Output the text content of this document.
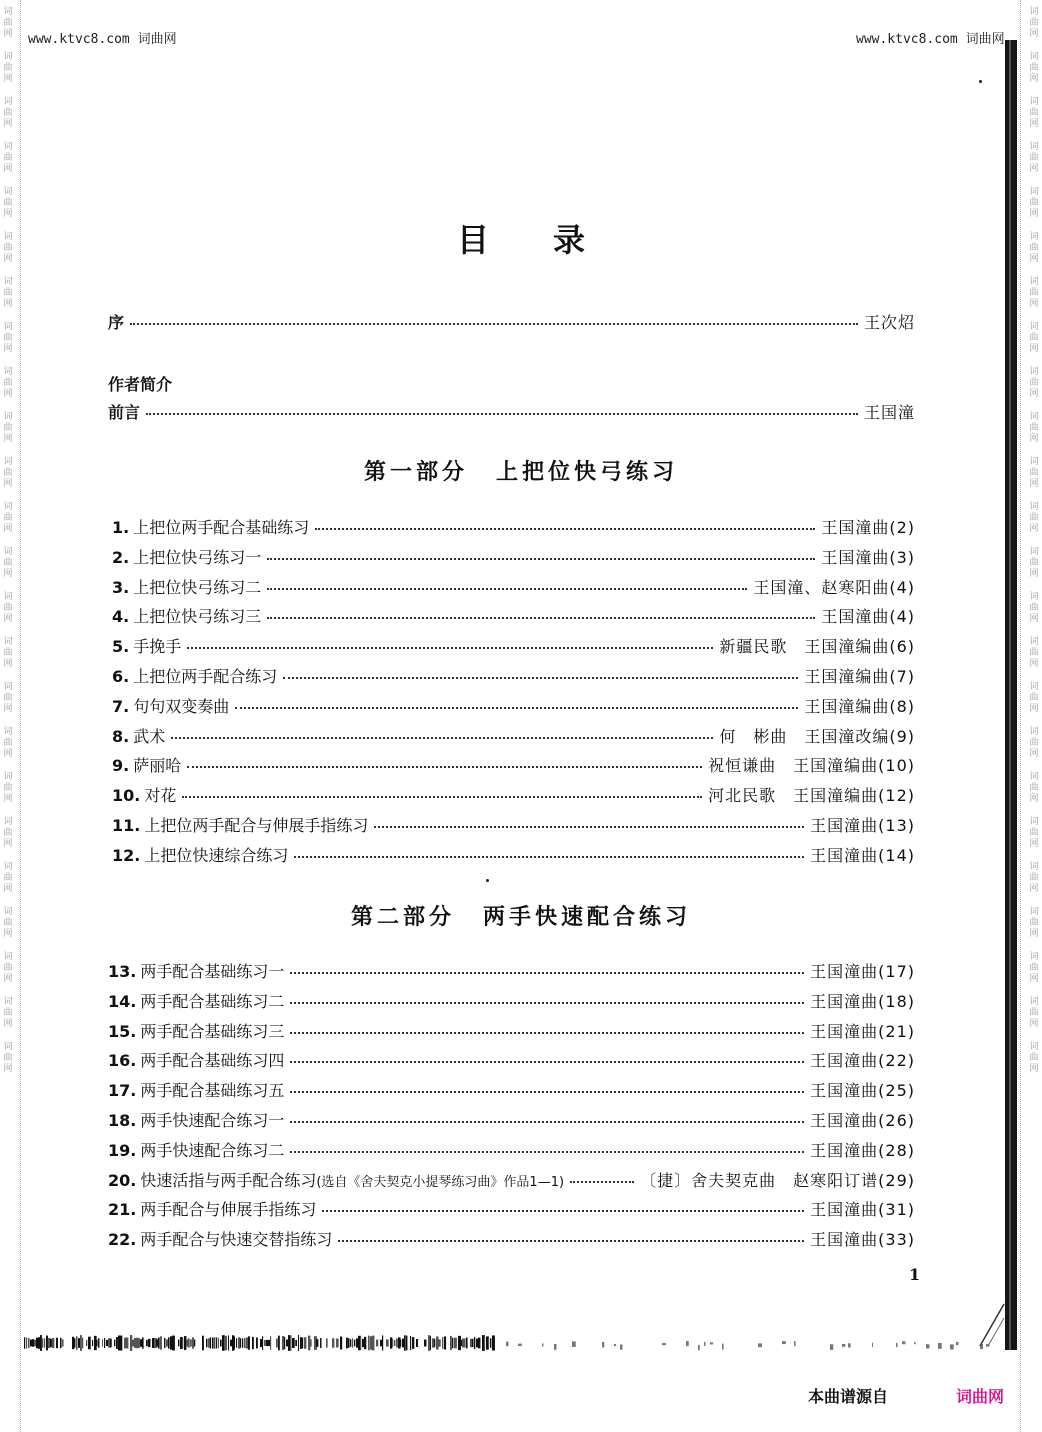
www.ktvc8.com 词曲网	www.ktvc8.com 词曲网
词
曲
网
词
曲
网
词
曲
网
词
曲
网
词
曲
网
词
曲
网
词
曲
网
词
曲
网
词
曲
网
词
曲
网
词
曲
网
词
曲
网
词
曲
网
词
曲
网
词
曲
网
词
曲
网
词
曲
网
词
曲
网
词
曲
网
词
曲
网
词
曲
网
词
曲
网
词
曲
网
词
曲
网
词
曲
网
词
曲
网
词
曲
网
词
曲
网
词
曲
网
词
曲
网
词
曲
网
词
曲
网
词
曲
网
词
曲
网
词
曲
网
词
曲
网
词
曲
网
词
曲
网
词
曲
网
词
曲
网
词
曲
网
词
曲
网
词
曲
网
词
曲
网
词
曲
网
词
曲
网
词
曲
网
词
曲
网
目录
序	王次炤
作者简介
前言	王国潼
第一部分 上把位快弓练习
1. 上把位两手配合基础练习	王国潼曲 (2)
2. 上把位快弓练习一	王国潼曲 (3)
3. 上把位快弓练习二	王国潼、赵寒阳曲 (4)
4. 上把位快弓练习三	王国潼曲 (4)
5. 手挽手	新疆民歌　王国潼编曲 (6)
6. 上把位两手配合练习	王国潼编曲 (7)
7. 句句双变奏曲	王国潼编曲 (8)
8. 武术	何　彬曲　王国潼改编 (9)
9. 萨丽哈	祝恒谦曲　王国潼编曲 (10)
10. 对花	河北民歌　王国潼编曲 (12)
11. 上把位两手配合与伸展手指练习	王国潼曲 (13)
12. 上把位快速综合练习	王国潼曲 (14)
第二部分 两手快速配合练习
13. 两手配合基础练习一	王国潼曲 (17)
14. 两手配合基础练习二	王国潼曲 (18)
15. 两手配合基础练习三	王国潼曲 (21)
16. 两手配合基础练习四	王国潼曲 (22)
17. 两手配合基础练习五	王国潼曲 (25)
18. 两手快速配合练习一	王国潼曲 (26)
19. 两手快速配合练习二	王国潼曲 (28)
20. 快速活指与两手配合练习 (选自《舍夫契克小提琴练习曲》作品1—1)	〔捷〕舍夫契克曲　赵寒阳订谱 (29)
21. 两手配合与伸展手指练习	王国潼曲 (31)
22. 两手配合与快速交替指练习	王国潼曲 (33)
1
本曲谱源自	词曲网
